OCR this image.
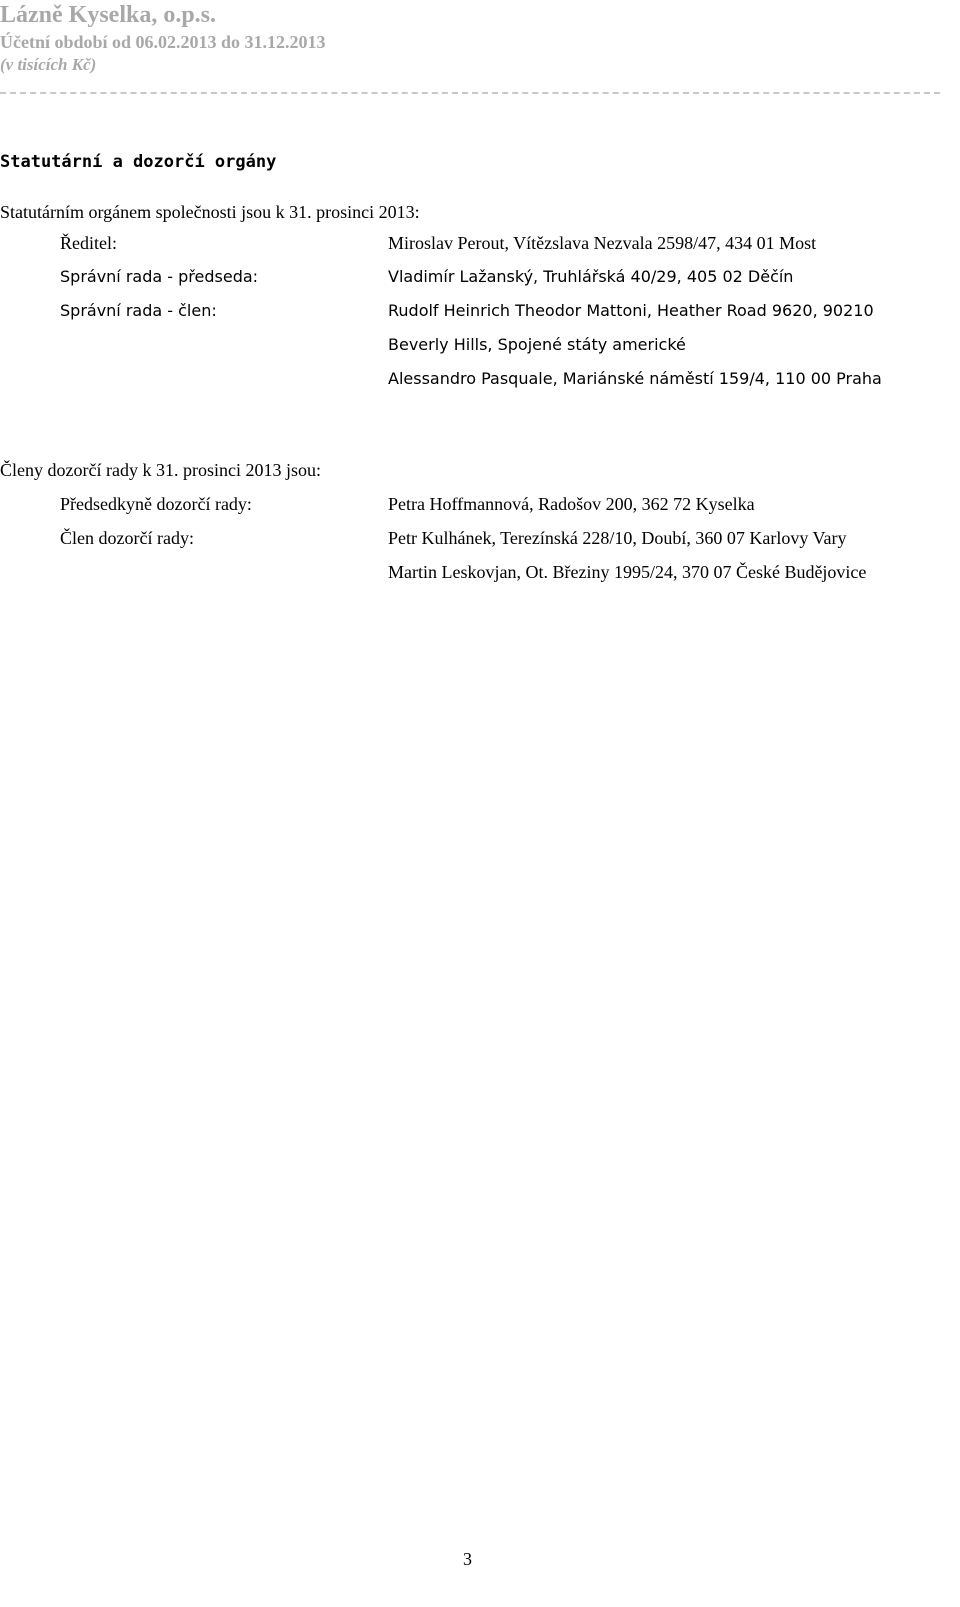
Lázně Kyselka, o.p.s.
Účetní období od 06.02.2013 do 31.12.2013
(v tisících Kč)
Statutární a dozorčí orgány
Statutárním orgánem společnosti jsou k 31. prosinci 2013:
Ředitel:	Miroslav Perout, Vítězslava Nezvala 2598/47, 434 01 Most
Správní rada - předseda:	Vladimír Lažanský, Truhlářská 40/29, 405 02 Děčín
Správní rada - člen:	Rudolf Heinrich Theodor Mattoni, Heather Road 9620, 90210
Beverly Hills, Spojené státy americké
Alessandro Pasquale, Mariánské náměstí 159/4, 110 00 Praha
Členy dozorčí rady k 31. prosinci 2013 jsou:
Předsedkyně dozorčí rady:	Petra Hoffmannová, Radošov 200, 362 72 Kyselka
Člen dozorčí rady:	Petr Kulhánek, Terezínská 228/10, Doubí, 360 07 Karlovy Vary
Martin Leskovjan, Ot. Březiny 1995/24, 370 07 České Budějovice
3
